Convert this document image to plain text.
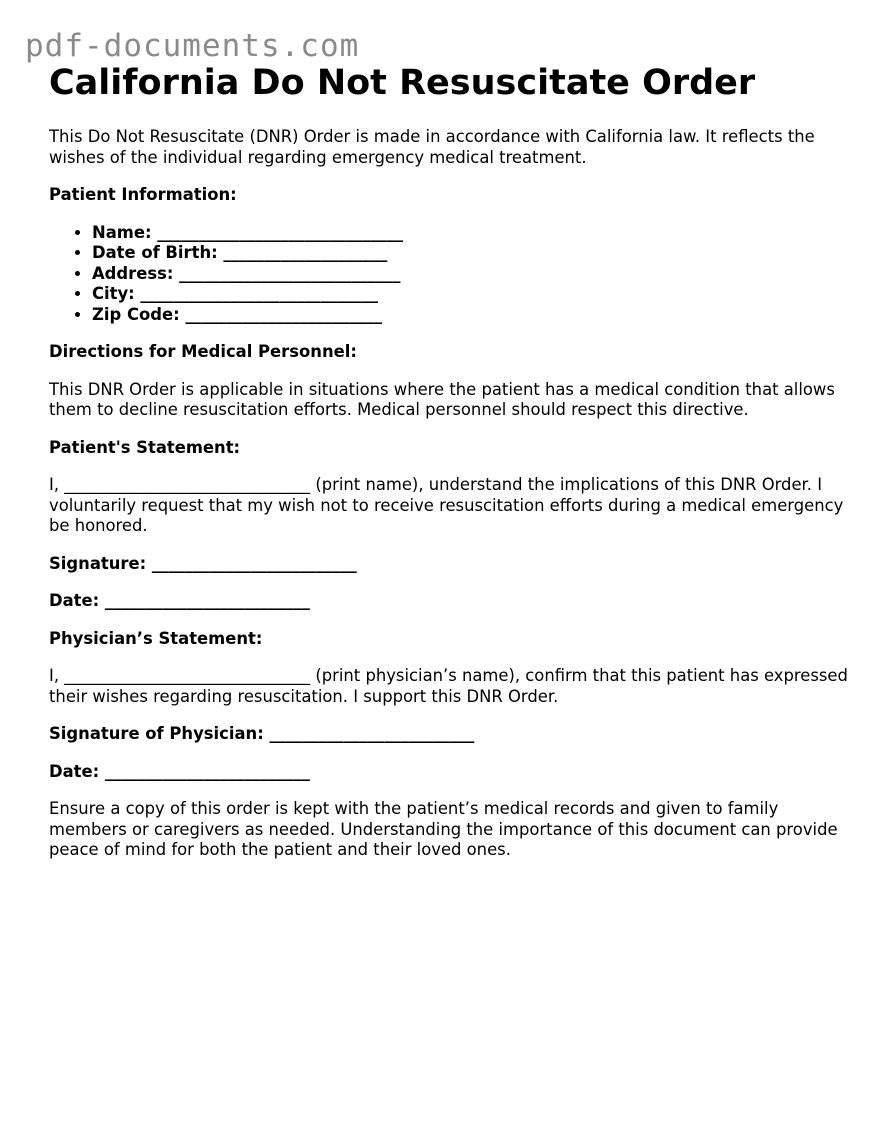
pdf-documents.com
California Do Not Resuscitate Order

This Do Not Resuscitate (DNR) Order is made in accordance with California law. It reflects the wishes of the individual regarding emergency medical treatment.

Patient Information:
• Name: ______________________________
• Date of Birth: ____________________
• Address: ___________________________
• City: _____________________________
• Zip Code: ________________________
Directions for Medical Personnel:

This DNR Order is applicable in situations where the patient has a medical condition that allows them to decline resuscitation efforts. Medical personnel should respect this directive.

Patient's Statement:

I, ______________________________ (print name), understand the implications of this DNR Order. I voluntarily request that my wish not to receive resuscitation efforts during a medical emergency be honored.

Signature: _________________________
Date: _________________________
Physician’s Statement:

I, ______________________________ (print physician’s name), confirm that this patient has expressed their wishes regarding resuscitation. I support this DNR Order.

Signature of Physician: _________________________
Date: _________________________

Ensure a copy of this order is kept with the patient’s medical records and given to family members or caregivers as needed. Understanding the importance of this document can provide peace of mind for both the patient and their loved ones.
